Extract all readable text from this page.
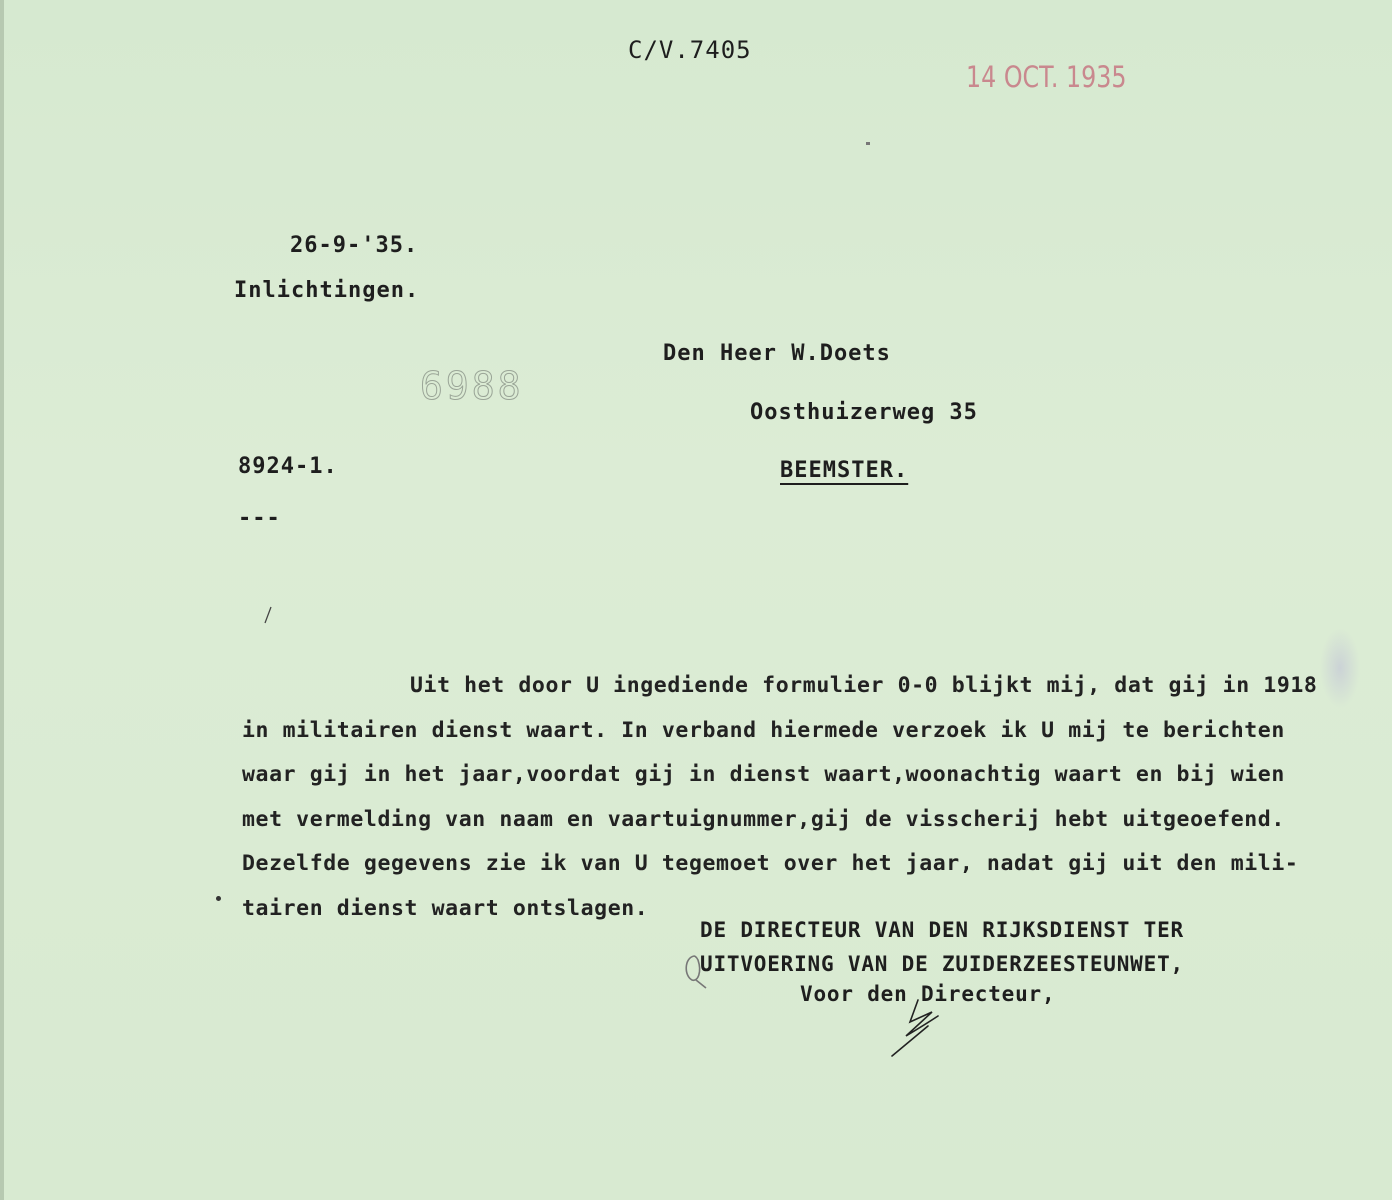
C/V.7405
14 OCT. 1935
26-9-'35.
Inlichtingen.
6988
Den Heer W.Doets
Oosthuizerweg 35
BEEMSTER.
8924-1.
---
Uit het door U ingediende formulier 0-0 blijkt mij, dat gij in 1918
in militairen dienst waart. In verband hiermede verzoek ik U mij te berichten
waar gij in het jaar,voordat gij in dienst waart,woonachtig waart en bij wien
met vermelding van naam en vaartuignummer,gij de visscherij hebt uitgeoefend.
Dezelfde gegevens zie ik van U tegemoet over het jaar, nadat gij uit den mili-
tairen dienst waart ontslagen.
DE DIRECTEUR VAN DEN RIJKSDIENST TER
UITVOERING VAN DE ZUIDERZEESTEUNWET,
Voor den Directeur,
